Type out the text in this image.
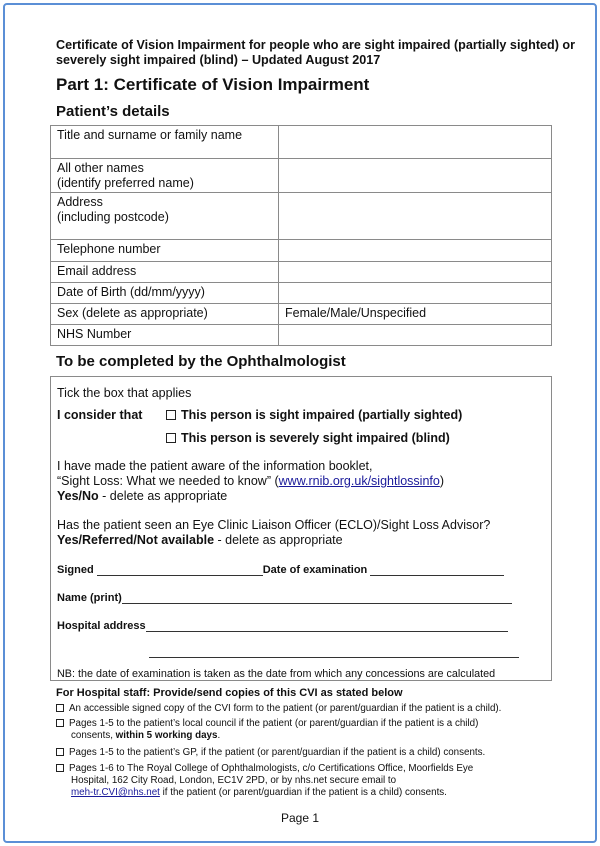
Certificate of Vision Impairment for people who are sight impaired (partially sighted) or severely sight impaired (blind) – Updated August 2017
Part 1: Certificate of Vision Impairment
Patient’s details
Title and surname or family name	

All other names
(identify preferred name)	

Address
(including postcode)	

Telephone number	
Email address	
Date of Birth (dd/mm/yyyy)	
Sex (delete as appropriate)	Female/Male/Unspecified
NHS Number	
To be completed by the Ophthalmologist
Tick the box that applies
I consider that	This person is sight impaired (partially sighted)
This person is severely sight impaired (blind)
I have made the patient aware of the information booklet,
“Sight Loss: What we needed to know” (www.rnib.org.uk/sightlossinfo)
Yes/No - delete as appropriate
Has the patient seen an Eye Clinic Liaison Officer (ECLO)/Sight Loss Advisor?
Yes/Referred/Not available - delete as appropriate
Signed	Date of examination
Name (print)
Hospital address
NB: the date of examination is taken as the date from which any concessions are calculated
For Hospital staff: Provide/send copies of this CVI as stated below
An accessible signed copy of the CVI form to the patient (or parent/guardian if the patient is a child).
Pages 1-5 to the patient’s local council if the patient (or parent/guardian if the patient is a child)
consents, within 5 working days.
Pages 1-5 to the patient’s GP, if the patient (or parent/guardian if the patient is a child) consents.
Pages 1-6 to The Royal College of Ophthalmologists, c/o Certifications Office, Moorfields Eye
Hospital, 162 City Road, London, EC1V 2PD, or by nhs.net secure email to
meh-tr.CVI@nhs.net if the patient (or parent/guardian if the patient is a child) consents.
Page 1
